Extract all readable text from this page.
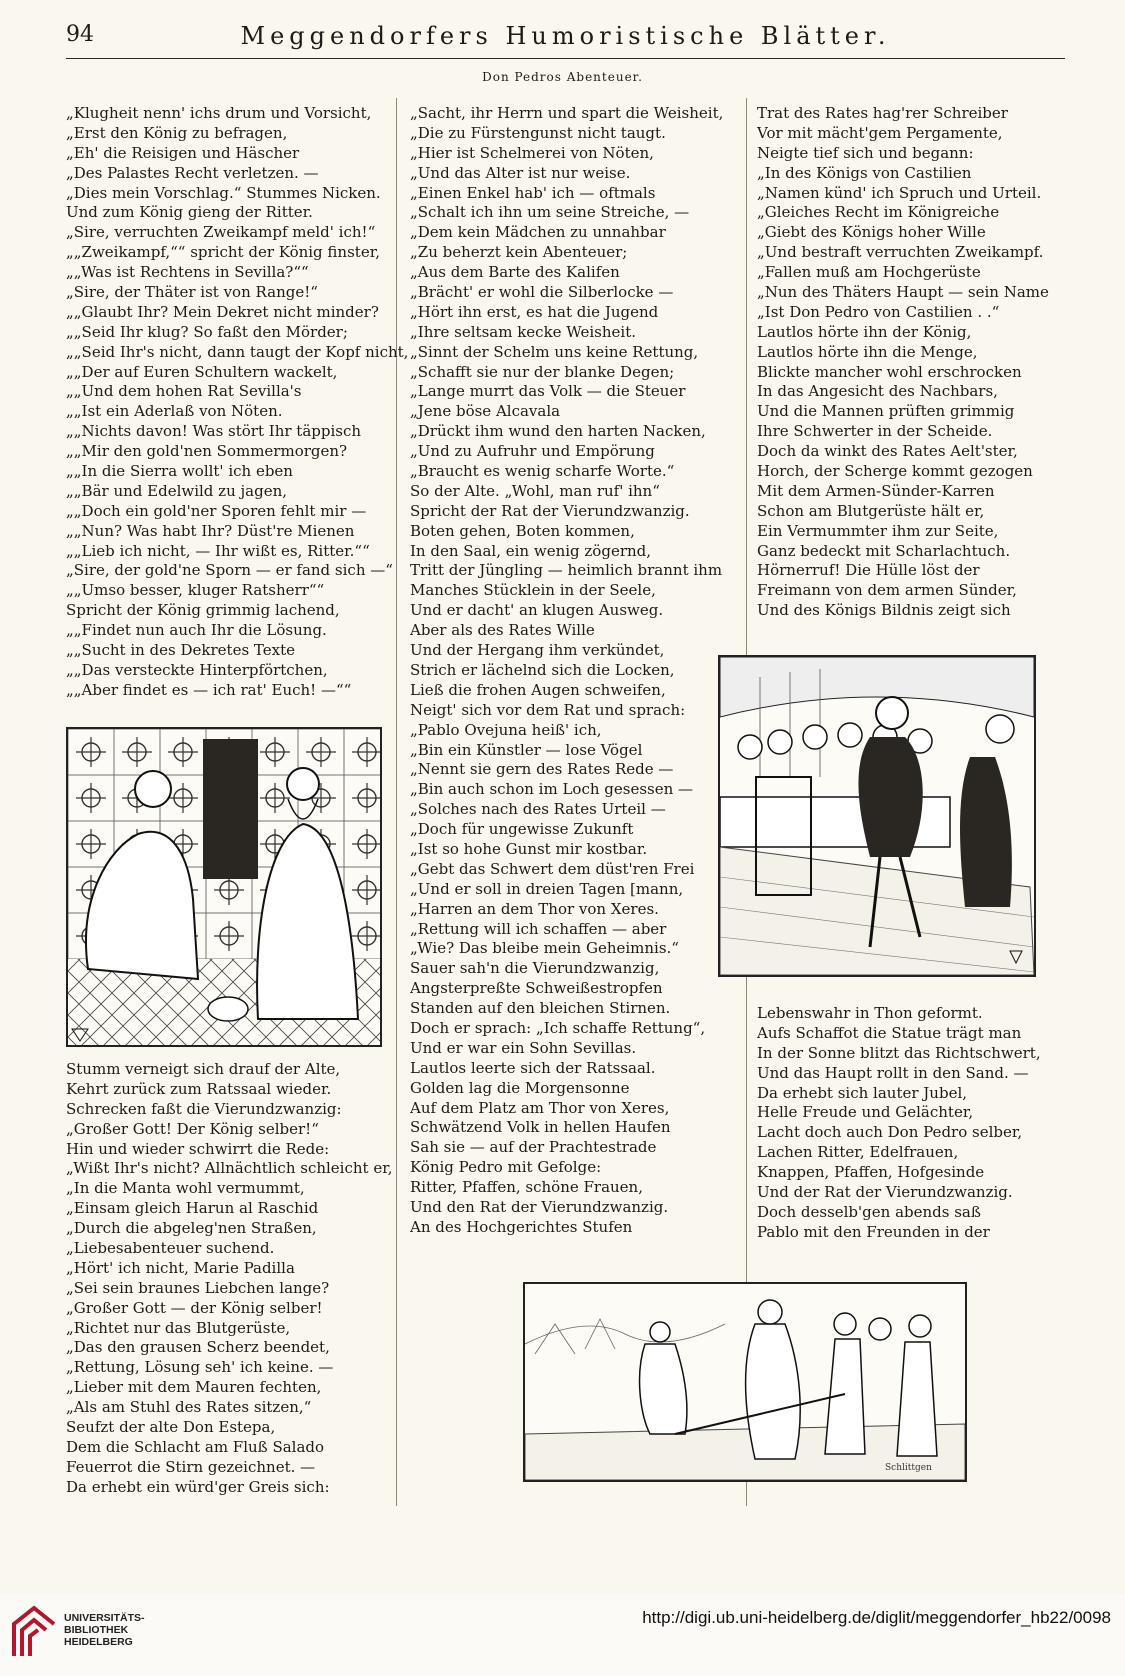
94	Meggendorfers Humoristische Blätter.
Don Pedros Abenteuer.
„Klugheit nenn' ichs drum und Vorsicht,
„Erst den König zu befragen,
„Eh' die Reisigen und Häscher
„Des Palastes Recht verletzen. —
„Dies mein Vorschlag.“ Stummes Nicken.
Und zum König gieng der Ritter.
„Sire, verruchten Zweikampf meld' ich!“
„„Zweikampf,““ spricht der König finster,
„„Was ist Rechtens in Sevilla?““
„Sire, der Thäter ist von Range!“
„„Glaubt Ihr? Mein Dekret nicht minder?
„„Seid Ihr klug? So faßt den Mörder;
„„Seid Ihr's nicht, dann taugt der Kopf nicht,
„„Der auf Euren Schultern wackelt,
„„Und dem hohen Rat Sevilla's
„„Ist ein Aderlaß von Nöten.
„„Nichts davon! Was stört Ihr täppisch
„„Mir den gold'nen Sommermorgen?
„„In die Sierra wollt' ich eben
„„Bär und Edelwild zu jagen,
„„Doch ein gold'ner Sporen fehlt mir —
„„Nun? Was habt Ihr? Düst're Mienen
„„Lieb ich nicht, — Ihr wißt es, Ritter.““
„Sire, der gold'ne Sporn — er fand sich —“
„„Umso besser, kluger Ratsherr““
Spricht der König grimmig lachend,
„„Findet nun auch Ihr die Lösung.
„„Sucht in des Dekretes Texte
„„Das versteckte Hinterpförtchen,
„„Aber findet es — ich rat' Euch! —““
Stumm verneigt sich drauf der Alte,
Kehrt zurück zum Ratssaal wieder.
Schrecken faßt die Vierundzwanzig:
„Großer Gott! Der König selber!“
Hin und wieder schwirrt die Rede:
„Wißt Ihr's nicht? Allnächtlich schleicht er,
„In die Manta wohl vermummt,
„Einsam gleich Harun al Raschid
„Durch die abgeleg'nen Straßen,
„Liebesabenteuer suchend.
„Hört' ich nicht, Marie Padilla
„Sei sein braunes Liebchen lange?
„Großer Gott — der König selber!
„Richtet nur das Blutgerüste,
„Das den grausen Scherz beendet,
„Rettung, Lösung seh' ich keine. —
„Lieber mit dem Mauren fechten,
„Als am Stuhl des Rates sitzen,“
Seufzt der alte Don Estepa,
Dem die Schlacht am Fluß Salado
Feuerrot die Stirn gezeichnet. —
Da erhebt ein würd'ger Greis sich:
„Sacht, ihr Herrn und spart die Weisheit,
„Die zu Fürstengunst nicht taugt.
„Hier ist Schelmerei von Nöten,
„Und das Alter ist nur weise.
„Einen Enkel hab' ich — oftmals
„Schalt ich ihn um seine Streiche, —
„Dem kein Mädchen zu unnahbar
„Zu beherzt kein Abenteuer;
„Aus dem Barte des Kalifen
„Brächt' er wohl die Silberlocke —
„Hört ihn erst, es hat die Jugend
„Ihre seltsam kecke Weisheit.
„Sinnt der Schelm uns keine Rettung,
„Schafft sie nur der blanke Degen;
„Lange murrt das Volk — die Steuer
„Jene böse Alcavala
„Drückt ihm wund den harten Nacken,
„Und zu Aufruhr und Empörung
„Braucht es wenig scharfe Worte.“
So der Alte. „Wohl, man ruf' ihn“
Spricht der Rat der Vierundzwanzig.
Boten gehen, Boten kommen,
In den Saal, ein wenig zögernd,
Tritt der Jüngling — heimlich brannt ihm
Manches Stücklein in der Seele,
Und er dacht' an klugen Ausweg.
Aber als des Rates Wille
Und der Hergang ihm verkündet,
Strich er lächelnd sich die Locken,
Ließ die frohen Augen schweifen,
Neigt' sich vor dem Rat und sprach:
„Pablo Ovejuna heiß' ich,
„Bin ein Künstler — lose Vögel
„Nennt sie gern des Rates Rede —
„Bin auch schon im Loch gesessen —
„Solches nach des Rates Urteil —
„Doch für ungewisse Zukunft
„Ist so hohe Gunst mir kostbar.
„Gebt das Schwert dem düst'ren Frei
„Und er soll in dreien Tagen [mann,
„Harren an dem Thor von Xeres.
„Rettung will ich schaffen — aber
„Wie? Das bleibe mein Geheimnis.“
Sauer sah'n die Vierundzwanzig,
Angsterpreßte Schweißestropfen
Standen auf den bleichen Stirnen.
Doch er sprach: „Ich schaffe Rettung“,
Und er war ein Sohn Sevillas.
Lautlos leerte sich der Ratssaal.
Golden lag die Morgensonne
Auf dem Platz am Thor von Xeres,
Schwätzend Volk in hellen Haufen
Sah sie — auf der Prachtestrade
König Pedro mit Gefolge:
Ritter, Pfaffen, schöne Frauen,
Und den Rat der Vierundzwanzig.
An des Hochgerichtes Stufen
Trat des Rates hag'rer Schreiber
Vor mit mächt'gem Pergamente,
Neigte tief sich und begann:
„In des Königs von Castilien
„Namen künd' ich Spruch und Urteil.
„Gleiches Recht im Königreiche
„Giebt des Königs hoher Wille
„Und bestraft verruchten Zweikampf.
„Fallen muß am Hochgerüste
„Nun des Thäters Haupt — sein Name
„Ist Don Pedro von Castilien . .“
Lautlos hörte ihn der König,
Lautlos hörte ihn die Menge,
Blickte mancher wohl erschrocken
In das Angesicht des Nachbars,
Und die Mannen prüften grimmig
Ihre Schwerter in der Scheide.
Doch da winkt des Rates Aelt'ster,
Horch, der Scherge kommt gezogen
Mit dem Armen-Sünder-Karren
Schon am Blutgerüste hält er,
Ein Vermummter ihm zur Seite,
Ganz bedeckt mit Scharlachtuch.
Hörnerruf! Die Hülle löst der
Freimann von dem armen Sünder,
Und des Königs Bildnis zeigt sich
Lebenswahr in Thon geformt.
Aufs Schaffot die Statue trägt man
In der Sonne blitzt das Richtschwert,
Und das Haupt rollt in den Sand. —
Da erhebt sich lauter Jubel,
Helle Freude und Gelächter,
Lacht doch auch Don Pedro selber,
Lachen Ritter, Edelfrauen,
Knappen, Pfaffen, Hofgesinde
Und der Rat der Vierundzwanzig.
Doch desselb'gen abends saß
Pablo mit den Freunden in der
Schlittgen
UNIVERSITÄTS-
BIBLIOTHEK
HEIDELBERG
http://digi.ub.uni-heidelberg.de/diglit/meggendorfer_hb22/0098
